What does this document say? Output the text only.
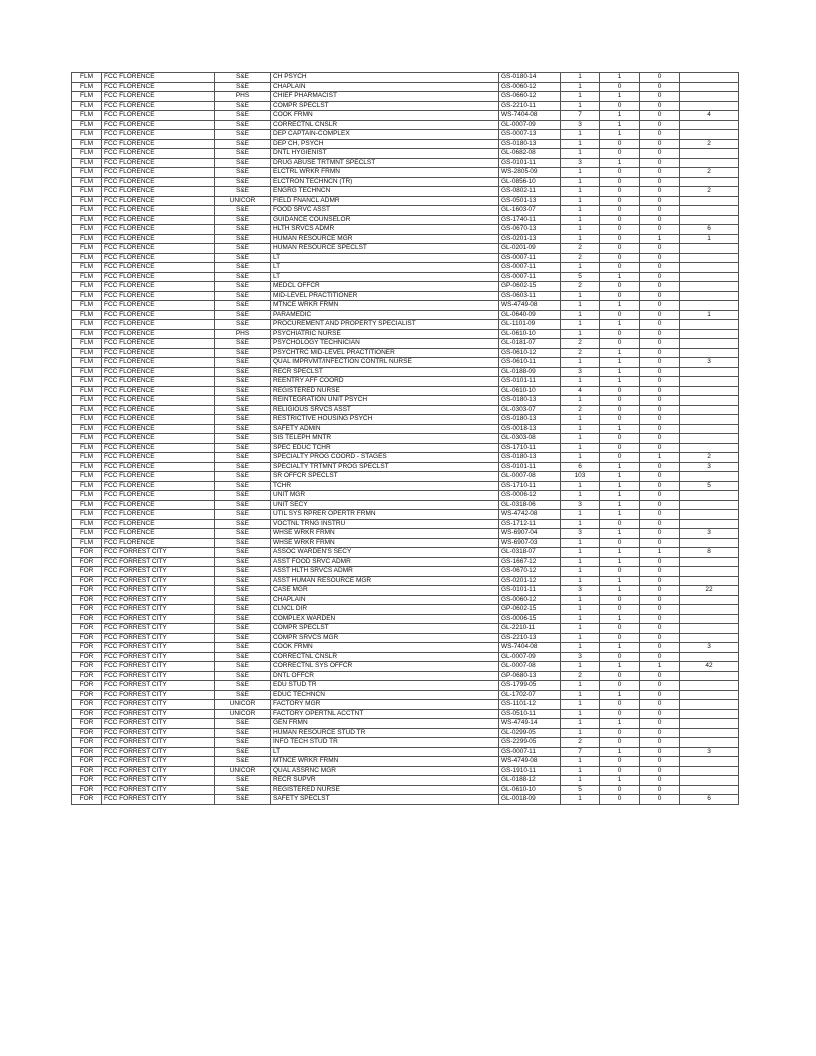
FLM	FCC FLORENCE	S&E	CH PSYCH	GS-0180-14	1	1	0	
FLM	FCC FLORENCE	S&E	CHAPLAIN	GS-0060-12	1	0	0	
FLM	FCC FLORENCE	PHS	CHIEF PHARMACIST	GS-0660-12	1	1	0	
FLM	FCC FLORENCE	S&E	COMPR SPECLST	GS-2210-11	1	0	0	
FLM	FCC FLORENCE	S&E	COOK FRMN	WS-7404-08	7	1	0	4
FLM	FCC FLORENCE	S&E	CORRECTNL CNSLR	GL-0007-09	3	1	0	
FLM	FCC FLORENCE	S&E	DEP CAPTAIN-COMPLEX	GS-0007-13	1	1	0	
FLM	FCC FLORENCE	S&E	DEP CH, PSYCH	GS-0180-13	1	0	0	2
FLM	FCC FLORENCE	S&E	DNTL HYGIENIST	GL-0682-08	1	0	0	
FLM	FCC FLORENCE	S&E	DRUG ABUSE TRTMNT SPECLST	GS-0101-11	3	1	0	
FLM	FCC FLORENCE	S&E	ELCTRL WRKR FRMN	WS-2805-09	1	0	0	2
FLM	FCC FLORENCE	S&E	ELCTRON TECHNCN (TR)	GL-0856-10	1	0	0	
FLM	FCC FLORENCE	S&E	ENGRG TECHNCN	GS-0802-11	1	0	0	2
FLM	FCC FLORENCE	UNICOR	FIELD FNANCL ADMR	GS-0501-13	1	0	0	
FLM	FCC FLORENCE	S&E	FOOD SRVC ASST	GL-1603-07	1	0	0	
FLM	FCC FLORENCE	S&E	GUIDANCE COUNSELOR	GS-1740-11	1	0	0	
FLM	FCC FLORENCE	S&E	HLTH SRVCS ADMR	GS-0670-13	1	0	0	6
FLM	FCC FLORENCE	S&E	HUMAN RESOURCE MGR	GS-0201-13	1	0	1	1
FLM	FCC FLORENCE	S&E	HUMAN RESOURCE SPECLST	GL-0201-09	2	0	0	
FLM	FCC FLORENCE	S&E	LT	GS-0007-11	2	0	0	
FLM	FCC FLORENCE	S&E	LT	GS-0007-11	1	0	0	
FLM	FCC FLORENCE	S&E	LT	GS-0007-11	5	1	0	
FLM	FCC FLORENCE	S&E	MEDCL OFFCR	GP-0602-15	2	0	0	
FLM	FCC FLORENCE	S&E	MID-LEVEL PRACTITIONER	GS-0603-11	1	0	0	
FLM	FCC FLORENCE	S&E	MTNCE WRKR FRMN	WS-4749-08	1	1	0	
FLM	FCC FLORENCE	S&E	PARAMEDIC	GL-0640-09	1	0	0	1
FLM	FCC FLORENCE	S&E	PROCUREMENT AND PROPERTY SPECIALIST	GL-1101-09	1	1	0	
FLM	FCC FLORENCE	PHS	PSYCHIATRIC NURSE	GL-0610-10	1	0	0	
FLM	FCC FLORENCE	S&E	PSYCHOLOGY TECHNICIAN	GL-0181-07	2	0	0	
FLM	FCC FLORENCE	S&E	PSYCHTRC MID-LEVEL PRACTITIONER	GS-0610-12	2	1	0	
FLM	FCC FLORENCE	S&E	QUAL IMPRVMT/INFECTION CONTRL NURSE	GS-0610-11	1	1	0	3
FLM	FCC FLORENCE	S&E	RECR SPECLST	GL-0188-09	3	1	0	
FLM	FCC FLORENCE	S&E	REENTRY AFF COORD	GS-0101-11	1	1	0	
FLM	FCC FLORENCE	S&E	REGISTERED NURSE	GL-0610-10	4	0	0	
FLM	FCC FLORENCE	S&E	REINTEGRATION UNIT PSYCH	GS-0180-13	1	0	0	
FLM	FCC FLORENCE	S&E	RELIGIOUS SRVCS ASST	GL-0303-07	2	0	0	
FLM	FCC FLORENCE	S&E	RESTRICTIVE HOUSING PSYCH	GS-0180-13	1	0	0	
FLM	FCC FLORENCE	S&E	SAFETY ADMIN	GS-0018-13	1	1	0	
FLM	FCC FLORENCE	S&E	SIS TELEPH MNTR	GL-0303-08	1	0	0	
FLM	FCC FLORENCE	S&E	SPEC EDUC TCHR	GS-1710-11	1	0	0	
FLM	FCC FLORENCE	S&E	SPECIALTY PROG COORD - STAGES	GS-0180-13	1	0	1	2
FLM	FCC FLORENCE	S&E	SPECIALTY TRTMNT PROG SPECLST	GS-0101-11	6	1	0	3
FLM	FCC FLORENCE	S&E	SR OFFCR SPECLST	GL-0007-08	103	1	0	
FLM	FCC FLORENCE	S&E	TCHR	GS-1710-11	1	1	0	5
FLM	FCC FLORENCE	S&E	UNIT MGR	GS-0006-12	1	1	0	
FLM	FCC FLORENCE	S&E	UNIT SECY	GL-0318-06	3	1	0	
FLM	FCC FLORENCE	S&E	UTIL SYS RPRER OPERTR FRMN	WS-4742-08	1	1	0	
FLM	FCC FLORENCE	S&E	VOCTNL TRNG INSTRU	GS-1712-11	1	0	0	
FLM	FCC FLORENCE	S&E	WHSE WRKR FRMN	WS-6907-04	3	1	0	3
FLM	FCC FLORENCE	S&E	WHSE WRKR FRMN	WS-6907-03	1	0	0	
FOR	FCC FORREST CITY	S&E	ASSOC WARDEN'S SECY	GL-0318-07	1	1	1	8
FOR	FCC FORREST CITY	S&E	ASST FOOD SRVC ADMR	GS-1667-12	1	1	0	
FOR	FCC FORREST CITY	S&E	ASST HLTH SRVCS ADMR	GS-0670-12	1	0	0	
FOR	FCC FORREST CITY	S&E	ASST HUMAN RESOURCE MGR	GS-0201-12	1	1	0	
FOR	FCC FORREST CITY	S&E	CASE MGR	GS-0101-11	3	1	0	22
FOR	FCC FORREST CITY	S&E	CHAPLAIN	GS-0060-12	1	0	0	
FOR	FCC FORREST CITY	S&E	CLNCL DIR	GP-0602-15	1	0	0	
FOR	FCC FORREST CITY	S&E	COMPLEX WARDEN	GS-0006-15	1	1	0	
FOR	FCC FORREST CITY	S&E	COMPR SPECLST	GL-2210-11	1	0	0	
FOR	FCC FORREST CITY	S&E	COMPR SRVCS MGR	GS-2210-13	1	0	0	
FOR	FCC FORREST CITY	S&E	COOK FRMN	WS-7404-08	1	1	0	3
FOR	FCC FORREST CITY	S&E	CORRECTNL CNSLR	GL-0007-09	3	0	0	
FOR	FCC FORREST CITY	S&E	CORRECTNL SYS OFFCR	GL-0007-08	1	1	1	42
FOR	FCC FORREST CITY	S&E	DNTL OFFCR	GP-0680-13	2	0	0	
FOR	FCC FORREST CITY	S&E	EDU STUD TR	GS-1799-05	1	0	0	
FOR	FCC FORREST CITY	S&E	EDUC TECHNCN	GL-1702-07	1	1	0	
FOR	FCC FORREST CITY	UNICOR	FACTORY MGR	GS-1101-12	1	0	0	
FOR	FCC FORREST CITY	UNICOR	FACTORY OPERTNL ACCTNT	GS-0510-11	1	0	0	
FOR	FCC FORREST CITY	S&E	GEN FRMN	WS-4749-14	1	1	0	
FOR	FCC FORREST CITY	S&E	HUMAN RESOURCE STUD TR	GL-0299-05	1	0	0	
FOR	FCC FORREST CITY	S&E	INFO TECH STUD TR	GS-2299-05	2	0	0	
FOR	FCC FORREST CITY	S&E	LT	GS-0007-11	7	1	0	3
FOR	FCC FORREST CITY	S&E	MTNCE WRKR FRMN	WS-4749-08	1	0	0	
FOR	FCC FORREST CITY	UNICOR	QUAL ASSRNC MGR	GS-1910-11	1	0	0	
FOR	FCC FORREST CITY	S&E	RECR SUPVR	GL-0188-12	1	1	0	
FOR	FCC FORREST CITY	S&E	REGISTERED NURSE	GL-0610-10	5	0	0	
FOR	FCC FORREST CITY	S&E	SAFETY SPECLST	GL-0018-09	1	0	0	6
